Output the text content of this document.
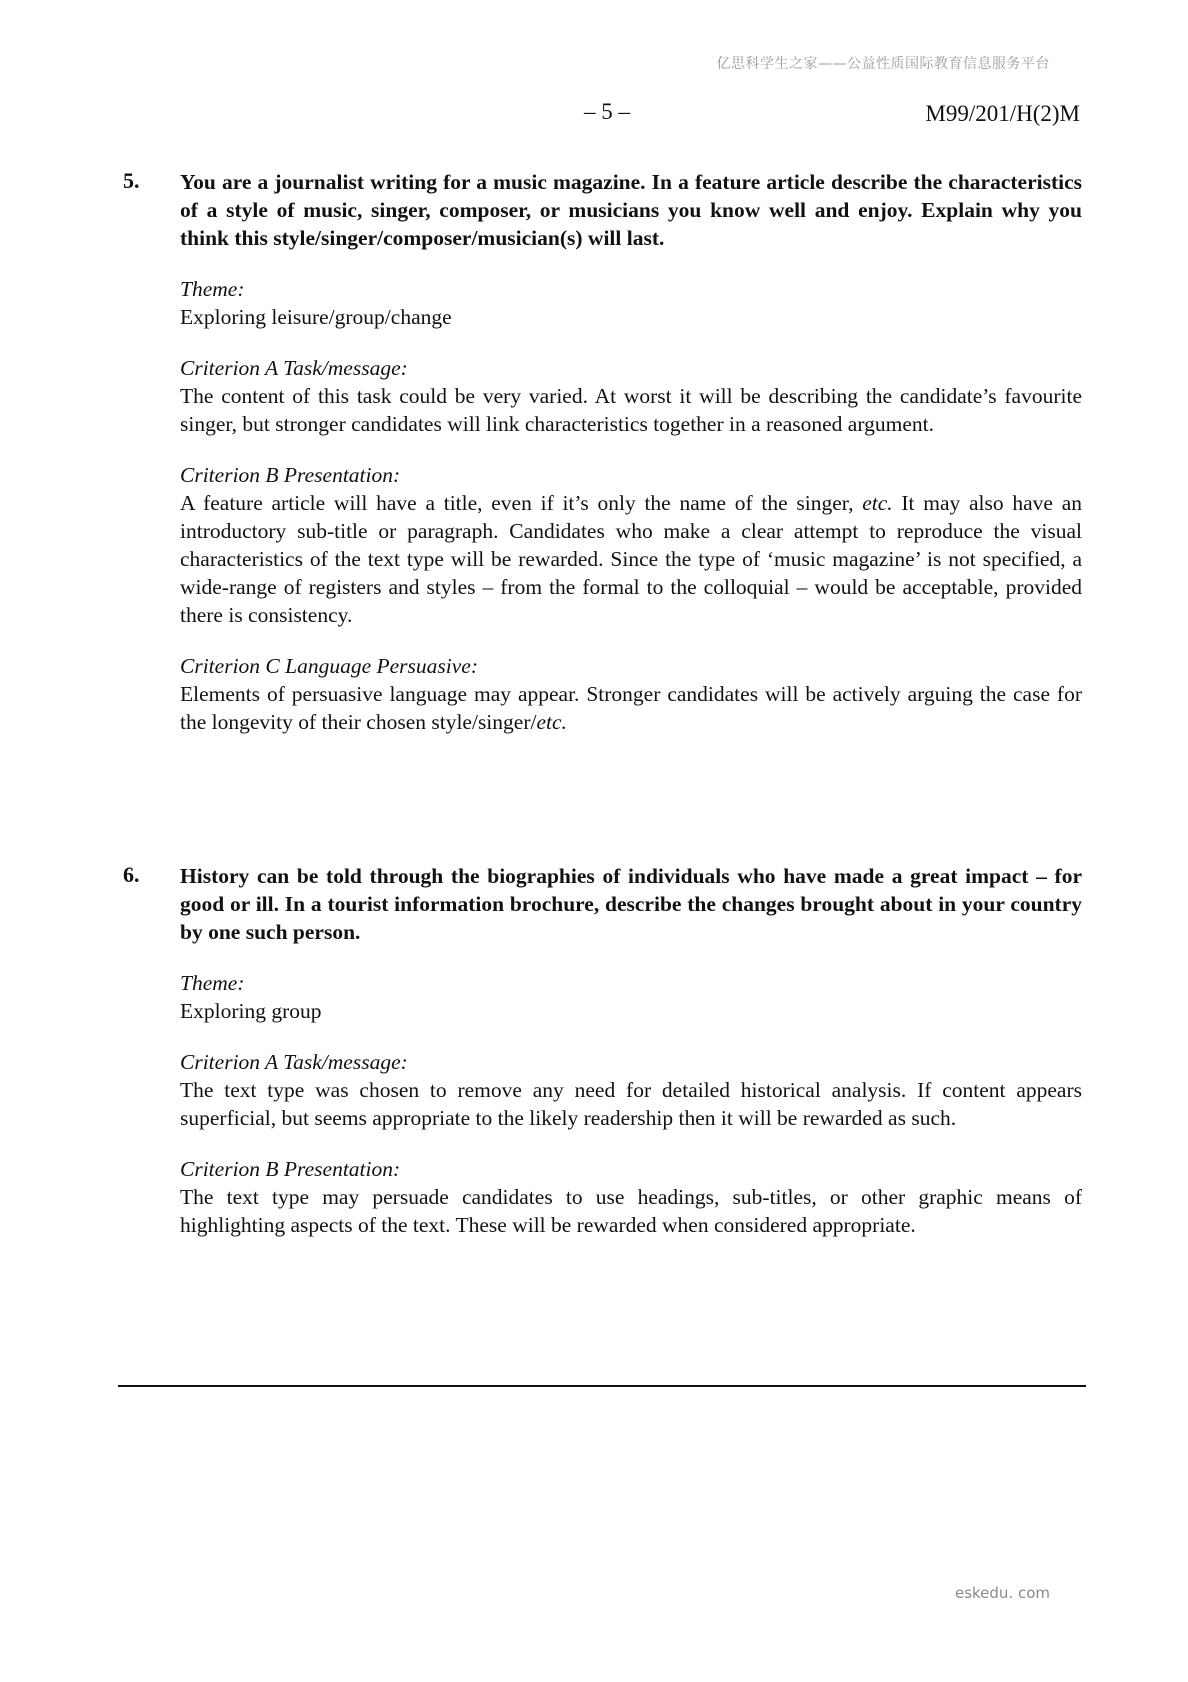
亿思科学生之家——公益性质国际教育信息服务平台
– 5 –	M99/201/H(2)M
5. You are a journalist writing for a music magazine. In a feature article describe the characteristics of a style of music, singer, composer, or musicians you know well and enjoy. Explain why you think this style/singer/composer/musician(s) will last.

Theme:

Exploring leisure/group/change

Criterion A Task/message:

The content of this task could be very varied. At worst it will be describing the candidate’s favourite singer, but stronger candidates will link characteristics together in a reasoned argument.

Criterion B Presentation:

A feature article will have a title, even if it’s only the name of the singer, etc. It may also have an introductory sub-title or paragraph. Candidates who make a clear attempt to reproduce the visual characteristics of the text type will be rewarded. Since the type of ‘music magazine’ is not specified, a wide-range of registers and styles – from the formal to the colloquial – would be acceptable, provided there is consistency.

Criterion C Language Persuasive:

Elements of persuasive language may appear. Stronger candidates will be actively arguing the case for the longevity of their chosen style/singer/etc.

6. History can be told through the biographies of individuals who have made a great impact – for good or ill. In a tourist information brochure, describe the changes brought about in your country by one such person.

Theme:

Exploring group

Criterion A Task/message:

The text type was chosen to remove any need for detailed historical analysis. If content appears superficial, but seems appropriate to the likely readership then it will be rewarded as such.

Criterion B Presentation:

The text type may persuade candidates to use headings, sub-titles, or other graphic means of highlighting aspects of the text. These will be rewarded when considered appropriate.

eskedu. com
